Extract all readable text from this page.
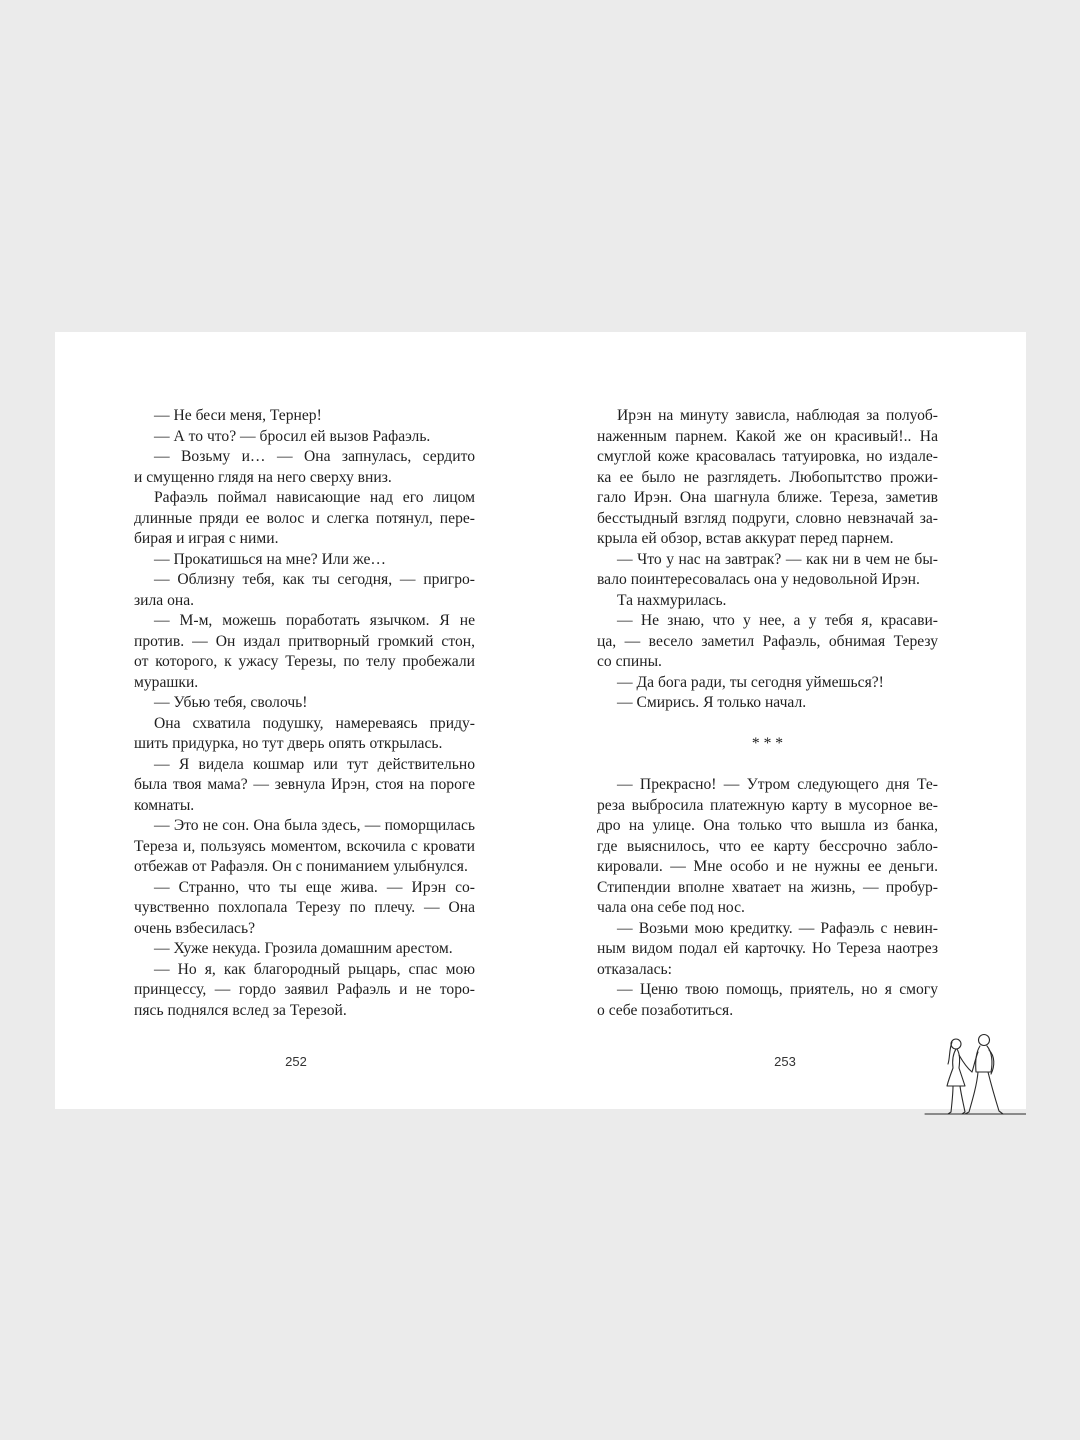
— Не беси меня, Тернер!
— А то что? — бросил ей вызов Рафаэль.
— Возьму и… — Она запнулась, сердито
и смущенно глядя на него сверху вниз.
Рафаэль поймал нависающие над его лицом
длинные пряди ее волос и слегка потянул, пере-
бирая и играя с ними.
— Прокатишься на мне? Или же…
— Облизну тебя, как ты сегодня, — пригро-
зила она.
— М-м, можешь поработать язычком. Я не
против. — Он издал притворный громкий стон,
от которого, к ужасу Терезы, по телу пробежали
мурашки.
— Убью тебя, сволочь!
Она схватила подушку, намереваясь приду-
шить придурка, но тут дверь опять открылась.
— Я видела кошмар или тут действительно
была твоя мама? — зевнула Ирэн, стоя на пороге
комнаты.
— Это не сон. Она была здесь, — поморщилась
Тереза и, пользуясь моментом, вскочила с кровати
отбежав от Рафаэля. Он с пониманием улыбнулся.
— Странно, что ты еще жива. — Ирэн со-
чувственно похлопала Терезу по плечу. — Она
очень взбесилась?
— Хуже некуда. Грозила домашним арестом.
— Но я, как благородный рыцарь, спас мою
принцессу, — гордо заявил Рафаэль и не торо-
пясь поднялся вслед за Терезой.
Ирэн на минуту зависла, наблюдая за полуоб-
наженным парнем. Какой же он красивый!.. На
смуглой коже красовалась татуировка, но издале-
ка ее было не разглядеть. Любопытство прожи-
гало Ирэн. Она шагнула ближе. Тереза, заметив
бесстыдный взгляд подруги, словно невзначай за-
крыла ей обзор, встав аккурат перед парнем.
— Что у нас на завтрак? — как ни в чем не бы-
вало поинтересовалась она у недовольной Ирэн.
Та нахмурилась.
— Не знаю, что у нее, а у тебя я, красави-
ца, — весело заметил Рафаэль, обнимая Терезу
со спины.
— Да бога ради, ты сегодня уймешься?!
— Смирись. Я только начал.
* * *
— Прекрасно! — Утром следующего дня Те-
реза выбросила платежную карту в мусорное ве-
дро на улице. Она только что вышла из банка,
где выяснилось, что ее карту бессрочно забло-
кировали. — Мне особо и не нужны ее деньги.
Стипендии вполне хватает на жизнь, — пробур-
чала она себе под нос.
— Возьми мою кредитку. — Рафаэль с невин-
ным видом подал ей карточку. Но Тереза наотрез
отказалась:
— Ценю твою помощь, приятель, но я смогу
о себе позаботиться.
252	253
